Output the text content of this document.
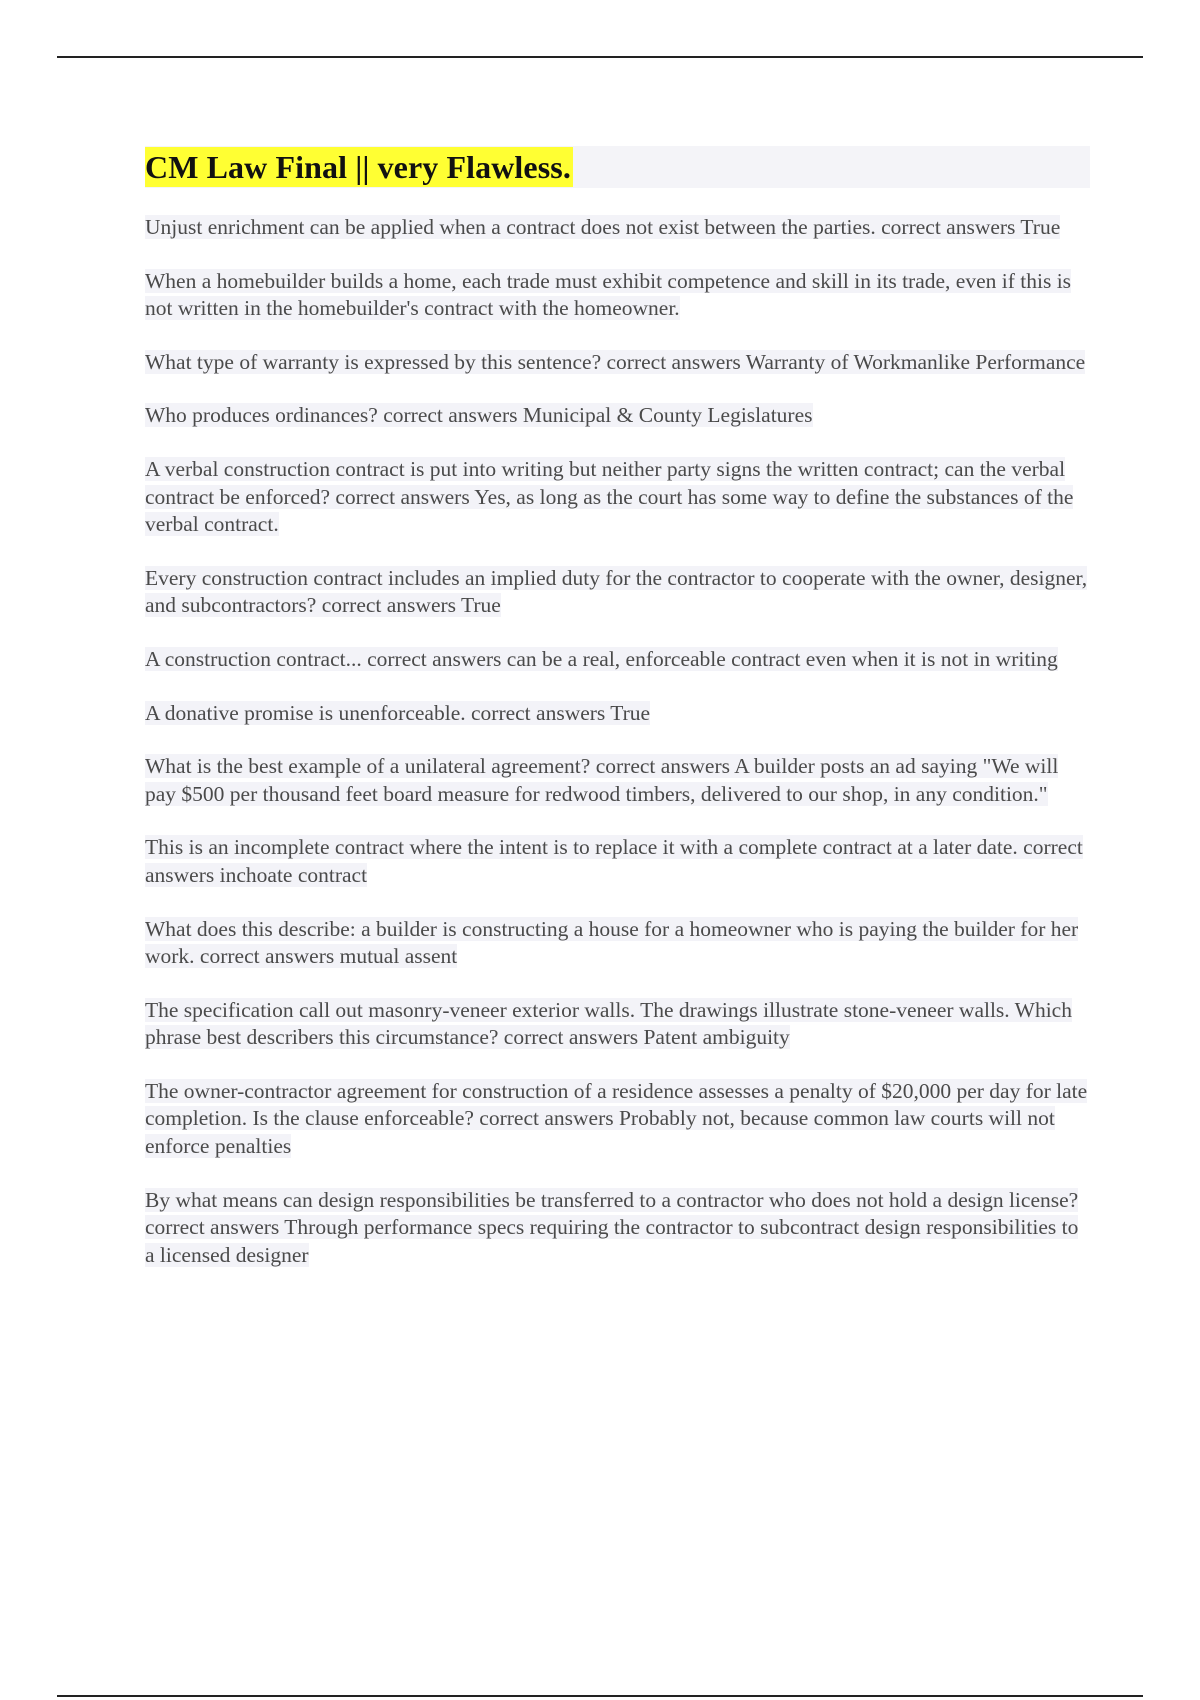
CM Law Final || very Flawless.

Unjust enrichment can be applied when a contract does not exist between the parties. correct answers True

When a homebuilder builds a home, each trade must exhibit competence and skill in its trade, even if this is not written in the homebuilder's contract with the homeowner.

What type of warranty is expressed by this sentence? correct answers Warranty of Workmanlike Performance

Who produces ordinances? correct answers Municipal & County Legislatures

A verbal construction contract is put into writing but neither party signs the written contract; can the verbal contract be enforced? correct answers Yes, as long as the court has some way to define the substances of the verbal contract.

Every construction contract includes an implied duty for the contractor to cooperate with the owner, designer, and subcontractors? correct answers True

A construction contract... correct answers can be a real, enforceable contract even when it is not in writing

A donative promise is unenforceable. correct answers True

What is the best example of a unilateral agreement? correct answers A builder posts an ad saying "We will pay $500 per thousand feet board measure for redwood timbers, delivered to our shop, in any condition."

This is an incomplete contract where the intent is to replace it with a complete contract at a later date. correct answers inchoate contract

What does this describe: a builder is constructing a house for a homeowner who is paying the builder for her work. correct answers mutual assent

The specification call out masonry-veneer exterior walls. The drawings illustrate stone-veneer walls. Which phrase best describers this circumstance? correct answers Patent ambiguity

The owner-contractor agreement for construction of a residence assesses a penalty of $20,000 per day for late completion. Is the clause enforceable? correct answers Probably not, because common law courts will not enforce penalties

By what means can design responsibilities be transferred to a contractor who does not hold a design license? correct answers Through performance specs requiring the contractor to subcontract design responsibilities to a licensed designer
